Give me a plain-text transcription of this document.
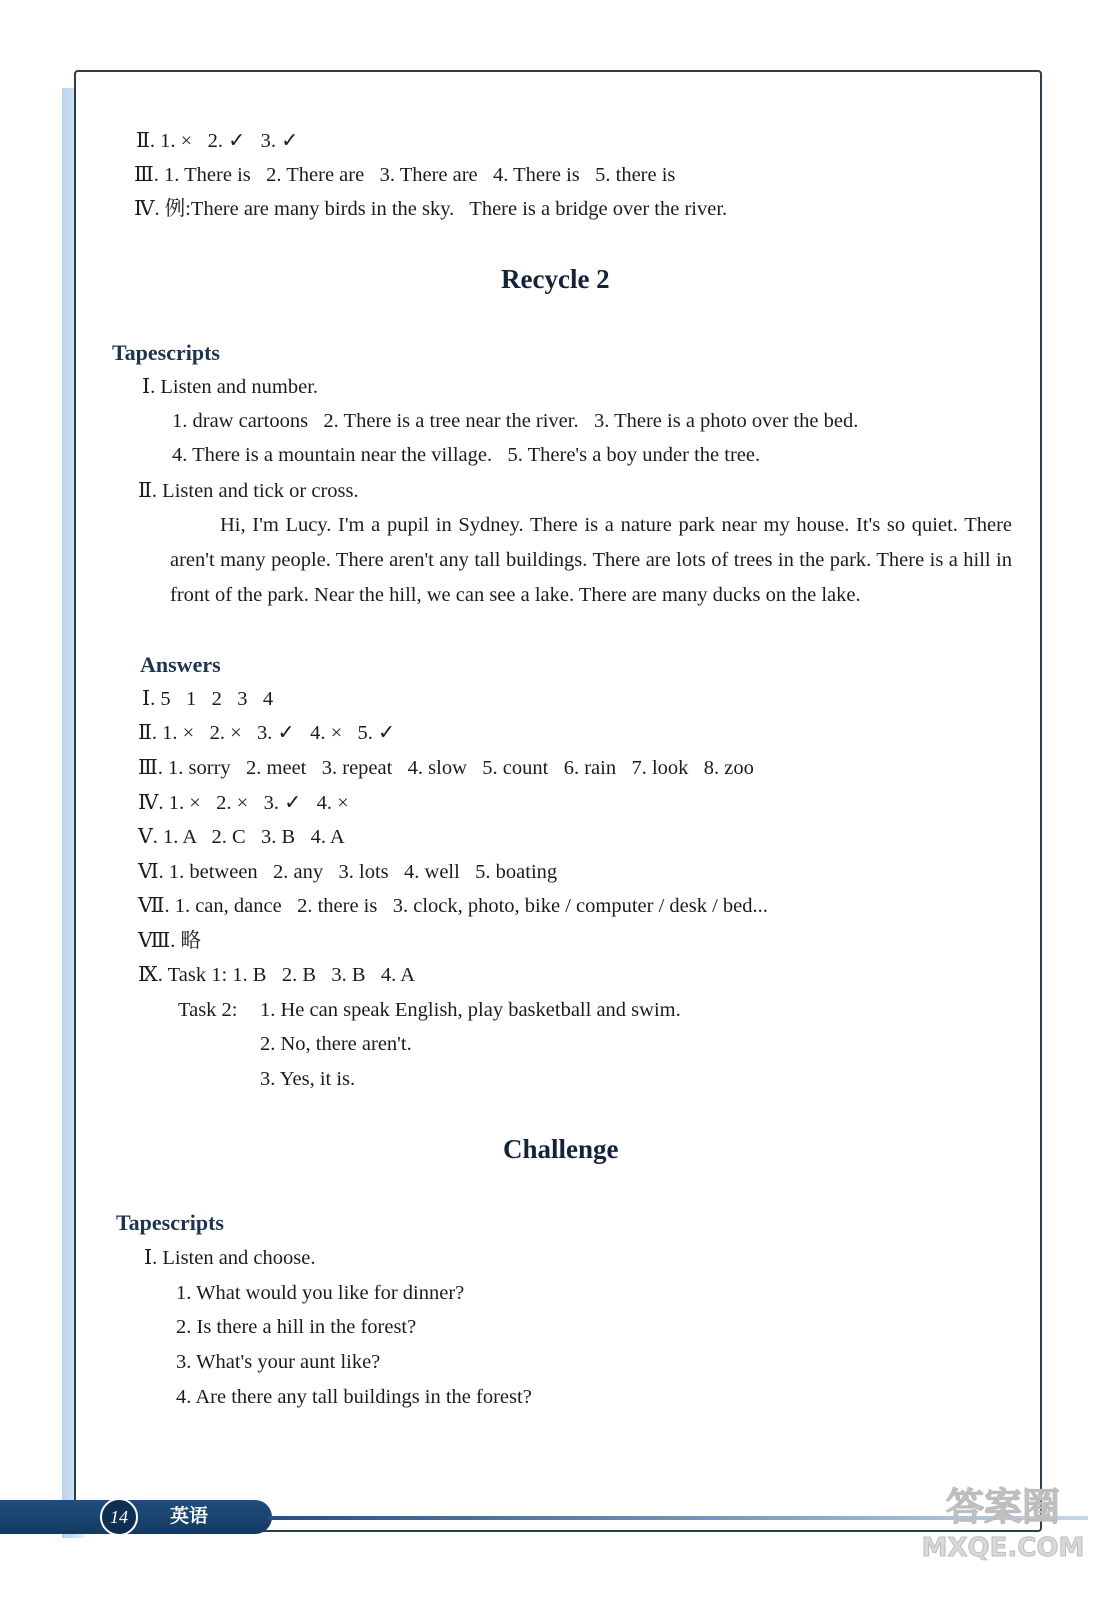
Ⅱ. 1. ×   2. ✓   3. ✓
Ⅲ. 1. There is   2. There are   3. There are   4. There is   5. there is
Ⅳ. 例:There are many birds in the sky.   There is a bridge over the river.
Recycle 2
Tapescripts
Ⅰ. Listen and number.
1. draw cartoons   2. There is a tree near the river.   3. There is a photo over the bed.
4. There is a mountain near the village.   5. There's a boy under the tree.
Ⅱ. Listen and tick or cross.

Hi, I'm Lucy. I'm a pupil in Sydney. There is a nature park near my house. It's so quiet. There aren't many people. There aren't any tall buildings. There are lots of trees in the park. There is a hill in front of the park. Near the hill, we can see a lake. There are many ducks on the lake.

Answers
Ⅰ. 5   1   2   3   4
Ⅱ. 1. ×   2. ×   3. ✓   4. ×   5. ✓
Ⅲ. 1. sorry   2. meet   3. repeat   4. slow   5. count   6. rain   7. look   8. zoo
Ⅳ. 1. ×   2. ×   3. ✓   4. ×
Ⅴ. 1. A   2. C   3. B   4. A
Ⅵ. 1. between   2. any   3. lots   4. well   5. boating
Ⅶ. 1. can, dance   2. there is   3. clock, photo, bike / computer / desk / bed...
Ⅷ. 略
Ⅸ. Task 1: 1. B   2. B   3. B   4. A
Task 2: 1. He can speak English, play basketball and swim.
2. No, there aren't.
3. Yes, it is.
Challenge
Tapescripts
Ⅰ. Listen and choose.
1. What would you like for dinner?
2. Is there a hill in the forest?
3. What's your aunt like?
4. Are there any tall buildings in the forest?
14	英语	答案圈
MXQE.COM
